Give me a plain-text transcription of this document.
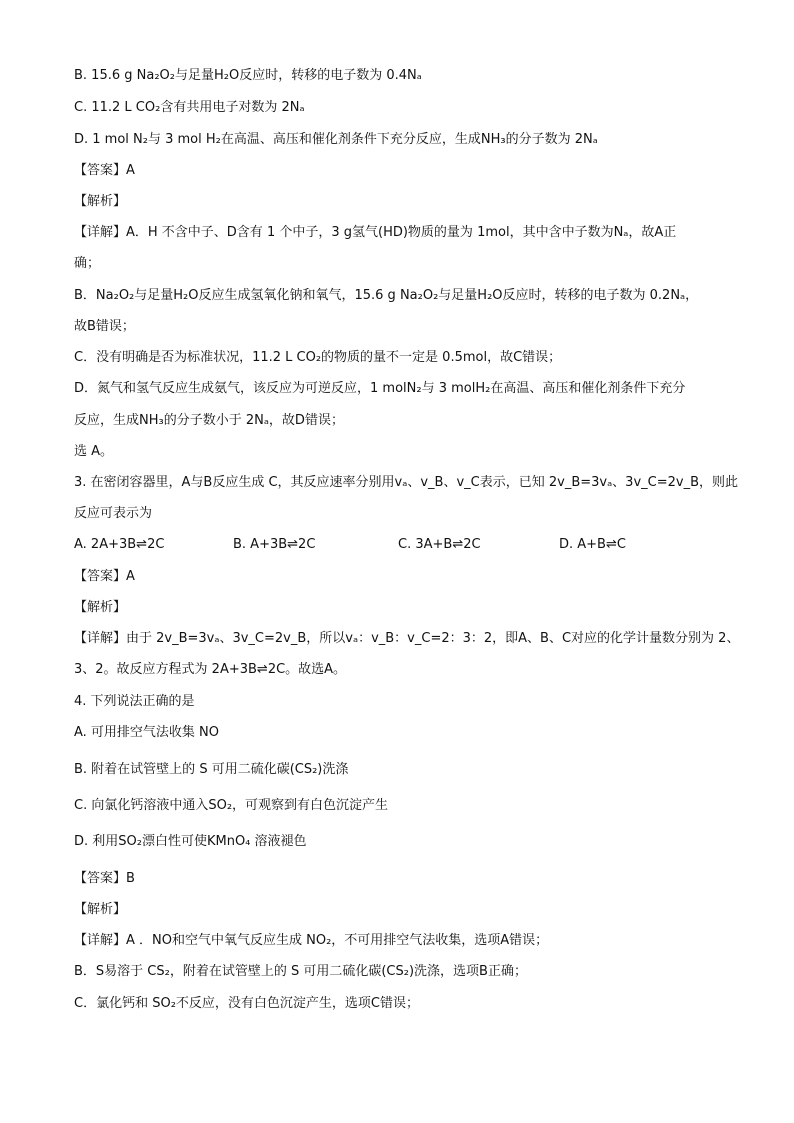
B. 15.6 g Na₂O₂与足量H₂O反应时，转移的电子数为 0.4Nₐ
C. 11.2 L CO₂含有共用电子对数为 2Nₐ
D. 1 mol N₂与 3 mol H₂在高温、高压和催化剂条件下充分反应，生成NH₃的分子数为 2Nₐ
【答案】A
【解析】
【详解】A．H 不含中子、D含有 1 个中子，3 g氢气(HD)物质的量为 1mol，其中含中子数为Nₐ，故A正
确；
B．Na₂O₂与足量H₂O反应生成氢氧化钠和氧气，15.6 g Na₂O₂与足量H₂O反应时，转移的电子数为 0.2Nₐ，
故B错误；
C．没有明确是否为标准状况，11.2 L CO₂的物质的量不一定是 0.5mol，故C错误；
D．氮气和氢气反应生成氨气，该反应为可逆反应，1 molN₂与 3 molH₂在高温、高压和催化剂条件下充分
反应，生成NH₃的分子数小于 2Nₐ，故D错误；
选 A。
3. 在密闭容器里，A与B反应生成 C，其反应速率分别用vₐ、v_B、v_C表示，已知 2v_B=3vₐ、3v_C=2v_B，则此
反应可表示为
A. 2A+3B⇌2C	B. A+3B⇌2C	C. 3A+B⇌2C	D. A+B⇌C
【答案】A
【解析】
【详解】由于 2v_B=3vₐ、3v_C=2v_B，所以vₐ：v_B：v_C=2：3：2，即A、B、C对应的化学计量数分别为 2、
3、2。故反应方程式为 2A+3B⇌2C。故选A。
4. 下列说法正确的是
A. 可用排空气法收集 NO
B. 附着在试管壁上的 S 可用二硫化碳(CS₂)洗涤
C. 向氯化钙溶液中通入SO₂，可观察到有白色沉淀产生
D. 利用SO₂漂白性可使KMnO₄ 溶液褪色
【答案】B
【解析】
【详解】A ．NO和空气中氧气反应生成 NO₂，不可用排空气法收集，选项A错误；
B．S易溶于 CS₂，附着在试管壁上的 S 可用二硫化碳(CS₂)洗涤，选项B正确；
C．氯化钙和 SO₂不反应，没有白色沉淀产生，选项C错误；
